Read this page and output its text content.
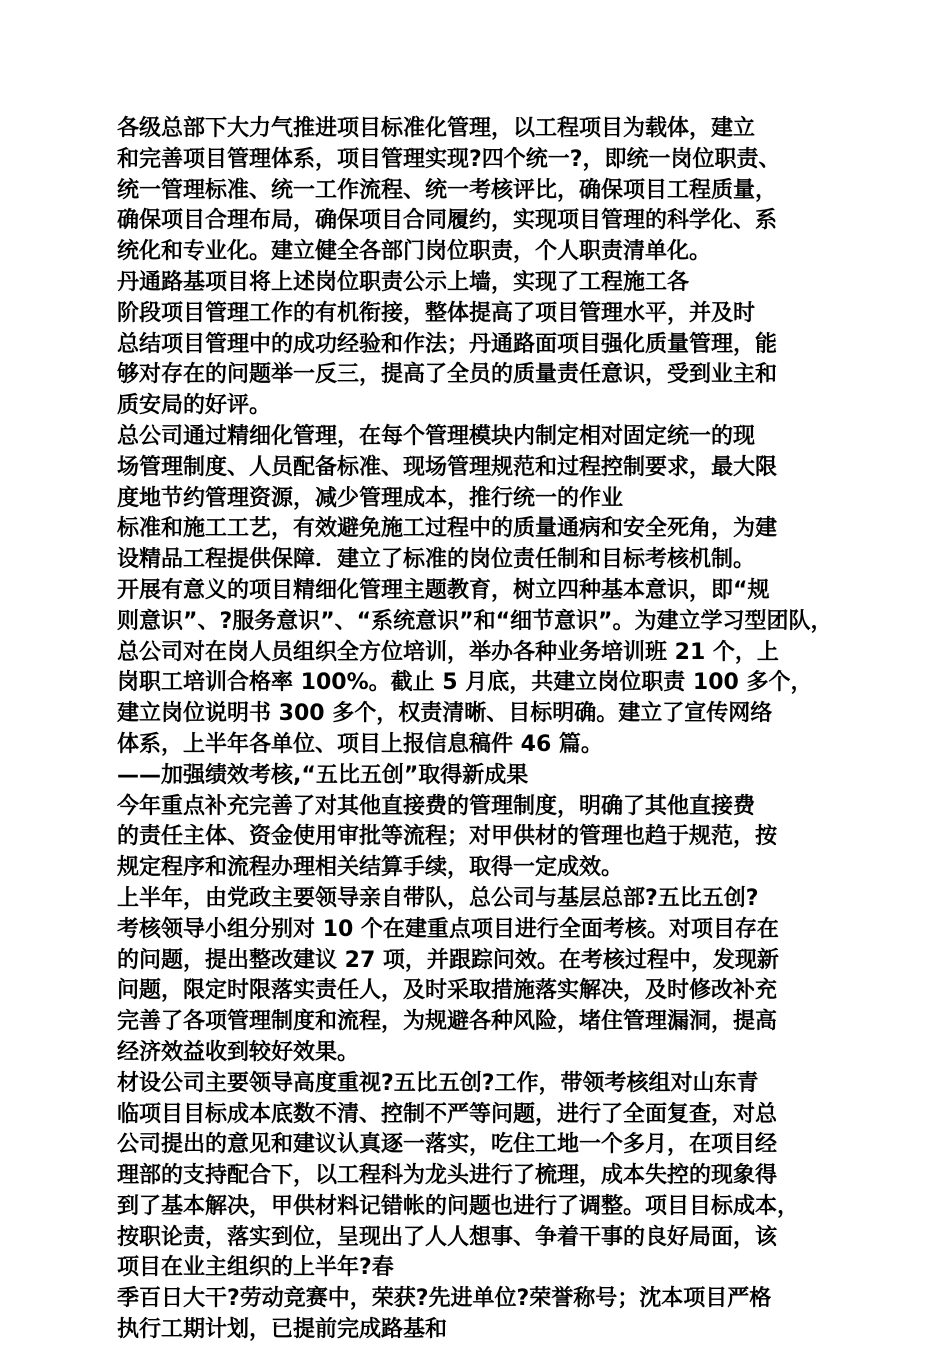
各级总部下大力气推进项目标准化管理，以工程项目为载体，建立
和完善项目管理体系，项目管理实现?四个统一?，即统一岗位职责、
统一管理标准、统一工作流程、统一考核评比，确保项目工程质量，
确保项目合理布局，确保项目合同履约，实现项目管理的科学化、系
统化和专业化。建立健全各部门岗位职责，个人职责清单化。
丹通路基项目将上述岗位职责公示上墙，实现了工程施工各
阶段项目管理工作的有机衔接，整体提高了项目管理水平，并及时
总结项目管理中的成功经验和作法；丹通路面项目强化质量管理，能
够对存在的问题举一反三，提高了全员的质量责任意识，受到业主和
质安局的好评。
总公司通过精细化管理，在每个管理模块内制定相对固定统一的现
场管理制度、人员配备标准、现场管理规范和过程控制要求，最大限
度地节约管理资源，减少管理成本，推行统一的作业
标准和施工工艺，有效避免施工过程中的质量通病和安全死角，为建
设精品工程提供保障．建立了标准的岗位责任制和目标考核机制。
开展有意义的项目精细化管理主题教育，树立四种基本意识，即“规
则意识”、?服务意识”、“系统意识”和“细节意识”。为建立学习型团队，
总公司对在岗人员组织全方位培训，举办各种业务培训班 21 个，上
岗职工培训合格率 100%。截止 5 月底，共建立岗位职责 100 多个，
建立岗位说明书 300 多个，权责清晰、目标明确。建立了宣传网络
体系，上半年各单位、项目上报信息稿件 46 篇。
——加强绩效考核,“五比五创”取得新成果
今年重点补充完善了对其他直接费的管理制度，明确了其他直接费
的责任主体、资金使用审批等流程；对甲供材的管理也趋于规范，按
规定程序和流程办理相关结算手续，取得一定成效。
上半年，由党政主要领导亲自带队，总公司与基层总部?五比五创?
考核领导小组分别对 10 个在建重点项目进行全面考核。对项目存在
的问题，提出整改建议 27 项，并跟踪问效。在考核过程中，发现新
问题，限定时限落实责任人，及时采取措施落实解决，及时修改补充
完善了各项管理制度和流程，为规避各种风险，堵住管理漏洞，提高
经济效益收到较好效果。
材设公司主要领导高度重视?五比五创?工作，带领考核组对山东青
临项目目标成本底数不清、控制不严等问题，进行了全面复查，对总
公司提出的意见和建议认真逐一落实，吃住工地一个多月，在项目经
理部的支持配合下，以工程科为龙头进行了梳理，成本失控的现象得
到了基本解决，甲供材料记错帐的问题也进行了调整。项目目标成本，
按职论责，落实到位，呈现出了人人想事、争着干事的良好局面，该
项目在业主组织的上半年?春
季百日大干?劳动竞赛中，荣获?先进单位?荣誉称号；沈本项目严格
执行工期计划，已提前完成路基和
